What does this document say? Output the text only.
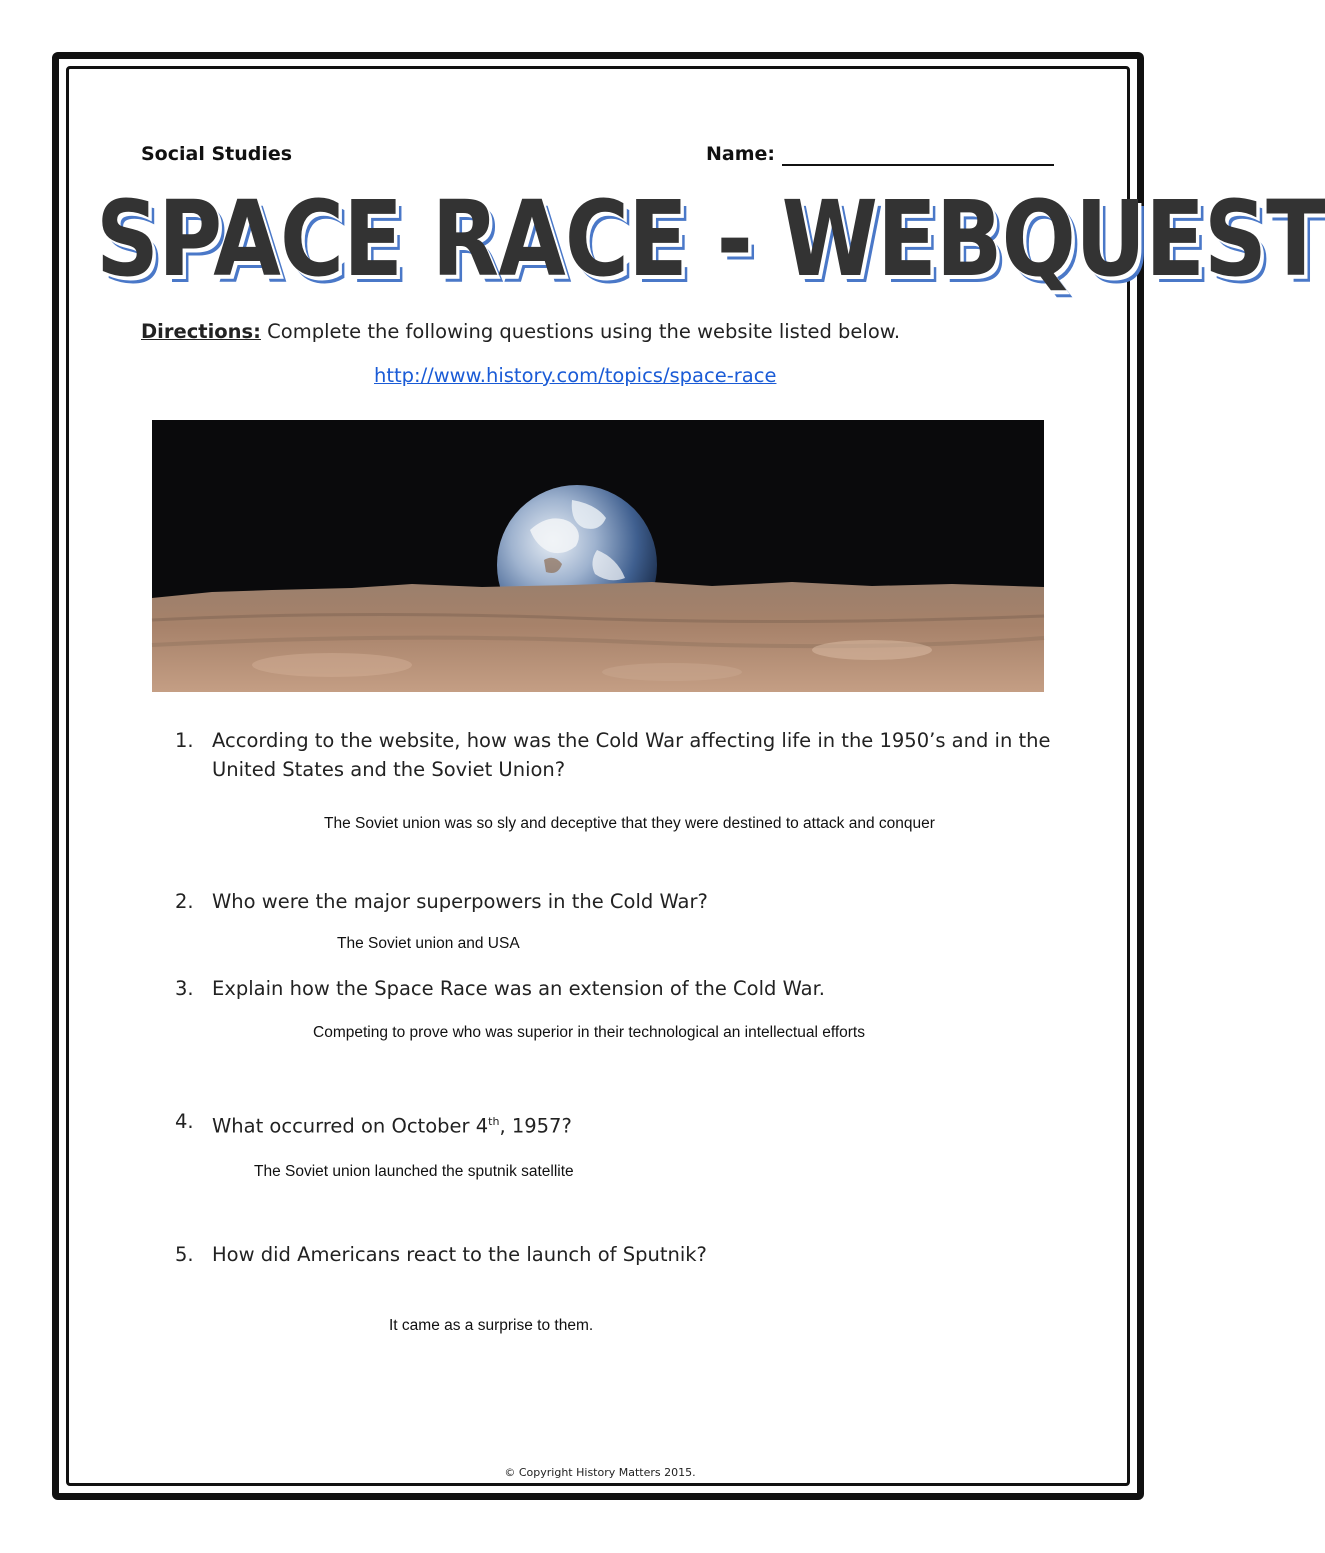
Social Studies	Name:
SPACE RACE - WEBQUEST
Directions: Complete the following questions using the website listed below.
http://www.history.com/topics/space-race
1. According to the website, how was the Cold War affecting life in the 1950’s and in the United States and the Soviet Union?
The Soviet union was so sly and deceptive that they were destined to attack and conquer
2. Who were the major superpowers in the Cold War?
The Soviet union and USA
3. Explain how the Space Race was an extension of the Cold War.
Competing to prove who was superior in their technological an intellectual efforts
4. What occurred on October 4th, 1957?
The Soviet union launched the sputnik satellite
5. How did Americans react to the launch of Sputnik?
It came as a surprise to them.
© Copyright History Matters 2015.
